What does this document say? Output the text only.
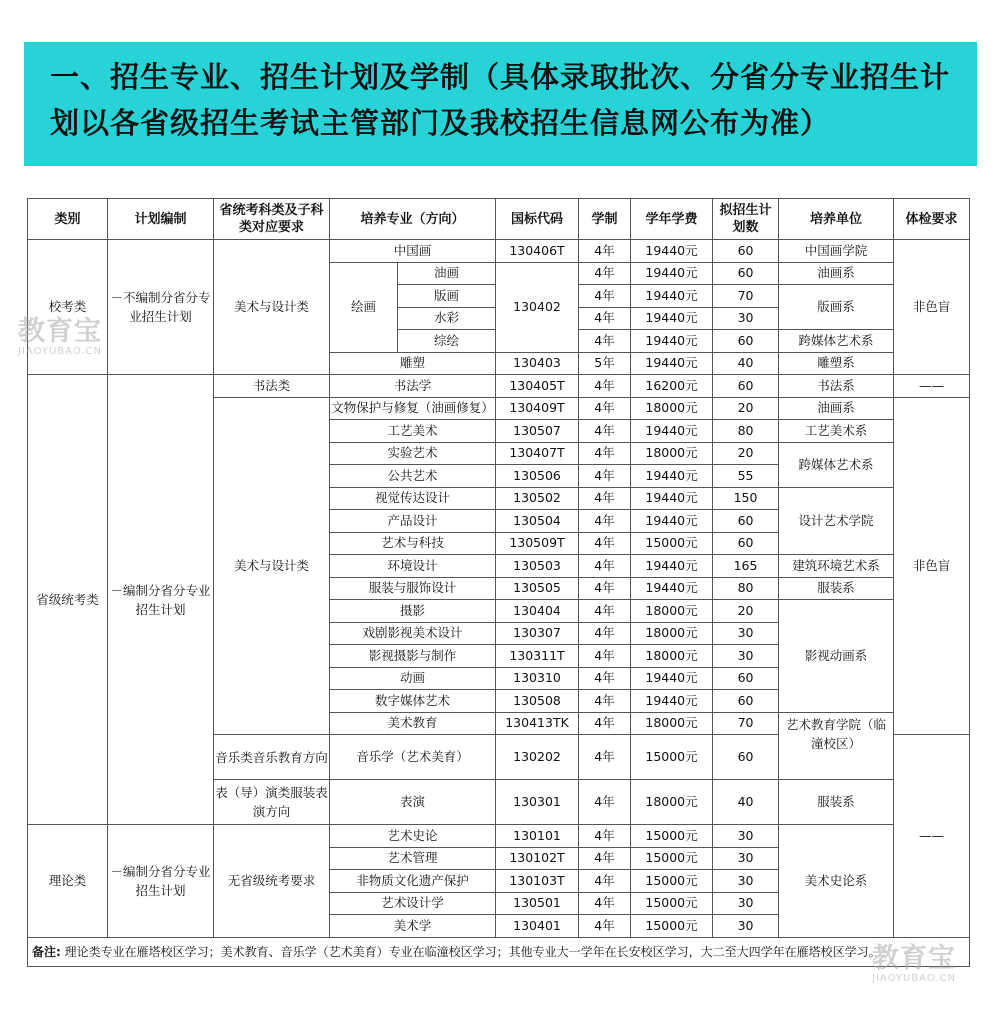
一、招生专业、招生计划及学制（具体录取批次、分省分专业招生计划以各省级招生考试主管部门及我校招生信息网公布为准）
类别	计划编制	省统考科类及子科类对应要求	培养专业（方向）		国标代码	学制	学年学费	拟招生计划数	培养单位	体检要求	
校考类	－不编制分省分专业招生计划	美术与设计类	中国画		130406T	4年	19440元	60	中国画学院	非色盲	
			绘画	油画	130402	4年	19440元	60	油画系		
				版画		4年	19440元	70	版画系		
				水彩		4年	19440元	30			
				综绘		4年	19440元	60	跨媒体艺术系		
			雕塑		130403	5年	19440元	40	雕塑系		
省级统考类	－编制分省分专业招生计划	书法类	书法学		130405T	4年	16200元	60	书法系	——	
		美术与设计类	文物保护与修复（油画修复）		130409T	4年	18000元	20	油画系	非色盲	
			工艺美术		130507	4年	19440元	80	工艺美术系		
			实验艺术		130407T	4年	18000元	20	跨媒体艺术系		
			公共艺术		130506	4年	19440元	55			
			视觉传达设计		130502	4年	19440元	150	设计艺术学院		
			产品设计		130504	4年	19440元	60			
			艺术与科技		130509T	4年	15000元	60			
			环境设计		130503	4年	19440元	165	建筑环境艺术系		
			服装与服饰设计		130505	4年	19440元	80	服装系		
			摄影		130404	4年	18000元	20	影视动画系		
			戏剧影视美术设计		130307	4年	18000元	30			
			影视摄影与制作		130311T	4年	18000元	30			
			动画		130310	4年	19440元	60			
			数字媒体艺术		130508	4年	19440元	60			
			美术教育		130413TK	4年	18000元	70	艺术教育学院（临潼校区）		
		音乐类音乐教育方向	音乐学（艺术美育）		130202	4年	15000元	60		——	
		表（导）演类服装表演方向	表演		130301	4年	18000元	40	服装系		
理论类	－编制分省分专业招生计划	无省级统考要求	艺术史论		130101	4年	15000元	30	美术史论系		
			艺术管理		130102T	4年	15000元	30			
			非物质文化遗产保护		130103T	4年	15000元	30			
			艺术设计学		130501	4年	15000元	30	
			美术学		130401	4年	15000元	30			
备注: 理论类专业在雁塔校区学习；美术教育、音乐学（艺术美育）专业在临潼校区学习；其他专业大一学年在长安校区学习，大二至大四学年在雁塔校区学习。											
教育宝
JIAOYUBAO.CN
教育宝
JIAOYUBAO.CN
